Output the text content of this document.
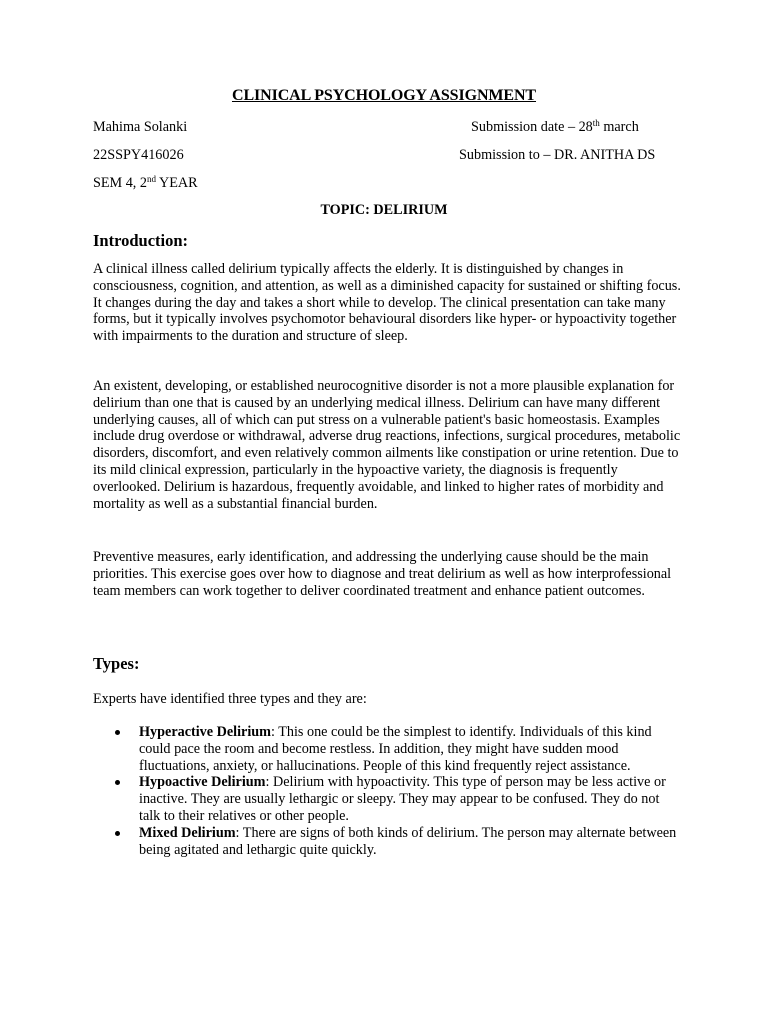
CLINICAL PSYCHOLOGY ASSIGNMENT
Mahima Solanki	Submission date – 28th march
22SSPY416026	Submission to – DR. ANITHA DS
SEM 4, 2nd YEAR
TOPIC: DELIRIUM
Introduction:
A clinical illness called delirium typically affects the elderly. It is distinguished by changes in consciousness, cognition, and attention, as well as a diminished capacity for sustained or shifting focus. It changes during the day and takes a short while to develop. The clinical presentation can take many forms, but it typically involves psychomotor behavioural disorders like hyper- or hypoactivity together with impairments to the duration and structure of sleep.
An existent, developing, or established neurocognitive disorder is not a more plausible explanation for delirium than one that is caused by an underlying medical illness. Delirium can have many different underlying causes, all of which can put stress on a vulnerable patient's basic homeostasis. Examples include drug overdose or withdrawal, adverse drug reactions, infections, surgical procedures, metabolic disorders, discomfort, and even relatively common ailments like constipation or urine retention. Due to its mild clinical expression, particularly in the hypoactive variety, the diagnosis is frequently overlooked. Delirium is hazardous, frequently avoidable, and linked to higher rates of morbidity and mortality as well as a substantial financial burden.
Preventive measures, early identification, and addressing the underlying cause should be the main priorities. This exercise goes over how to diagnose and treat delirium as well as how interprofessional team members can work together to deliver coordinated treatment and enhance patient outcomes.
Types:
Experts have identified three types and they are:
Hyperactive Delirium: This one could be the simplest to identify. Individuals of this kind could pace the room and become restless. In addition, they might have sudden mood fluctuations, anxiety, or hallucinations. People of this kind frequently reject assistance.
Hypoactive Delirium: Delirium with hypoactivity. This type of person may be less active or inactive. They are usually lethargic or sleepy. They may appear to be confused. They do not talk to their relatives or other people.
Mixed Delirium: There are signs of both kinds of delirium. The person may alternate between being agitated and lethargic quite quickly.
